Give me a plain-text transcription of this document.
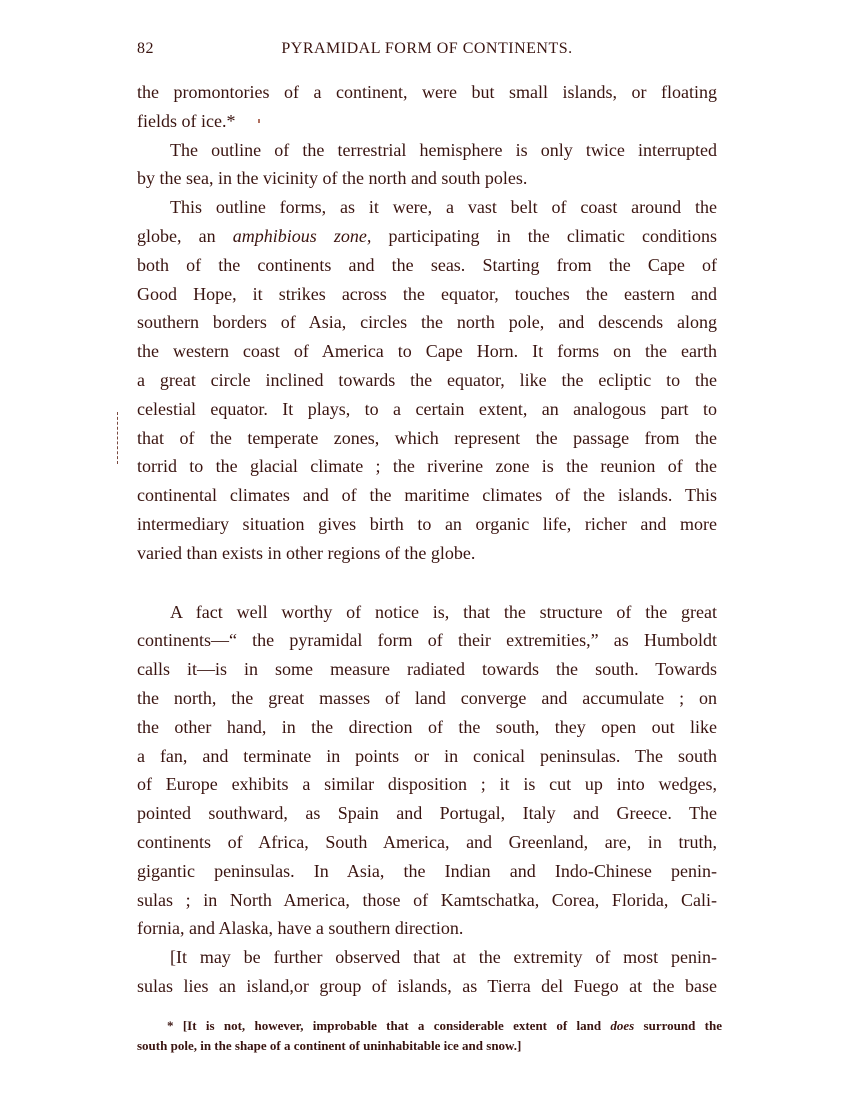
82	PYRAMIDAL FORM OF CONTINENTS.
the promontories of a continent, were but small islands, or floating
fields of ice.*
The outline of the terrestrial hemisphere is only twice interrupted
by the sea, in the vicinity of the north and south poles.
This outline forms, as it were, a vast belt of coast around the
globe, an amphibious zone, participating in the climatic conditions
both of the continents and the seas. Starting from the Cape of
Good Hope, it strikes across the equator, touches the eastern and
southern borders of Asia, circles the north pole, and descends along
the western coast of America to Cape Horn. It forms on the earth
a great circle inclined towards the equator, like the ecliptic to the
celestial equator. It plays, to a certain extent, an analogous part to
that of the temperate zones, which represent the passage from the
torrid to the glacial climate ; the riverine zone is the reunion of the
continental climates and of the maritime climates of the islands. This
intermediary situation gives birth to an organic life, richer and more
varied than exists in other regions of the globe.
A fact well worthy of notice is, that the structure of the great
continents—“ the pyramidal form of their extremities,” as Humboldt
calls it—is in some measure radiated towards the south. Towards
the north, the great masses of land converge and accumulate ; on
the other hand, in the direction of the south, they open out like
a fan, and terminate in points or in conical peninsulas. The south
of Europe exhibits a similar disposition ; it is cut up into wedges,
pointed southward, as Spain and Portugal, Italy and Greece. The
continents of Africa, South America, and Greenland, are, in truth,
gigantic peninsulas. In Asia, the Indian and Indo-Chinese penin-
sulas ; in North America, those of Kamtschatka, Corea, Florida, Cali-
fornia, and Alaska, have a southern direction.
[It may be further observed that at the extremity of most penin-
sulas lies an island,or group of islands, as Tierra del Fuego at the base
* [It is not, however, improbable that a considerable extent of land does surround the
south pole, in the shape of a continent of uninhabitable ice and snow.]
